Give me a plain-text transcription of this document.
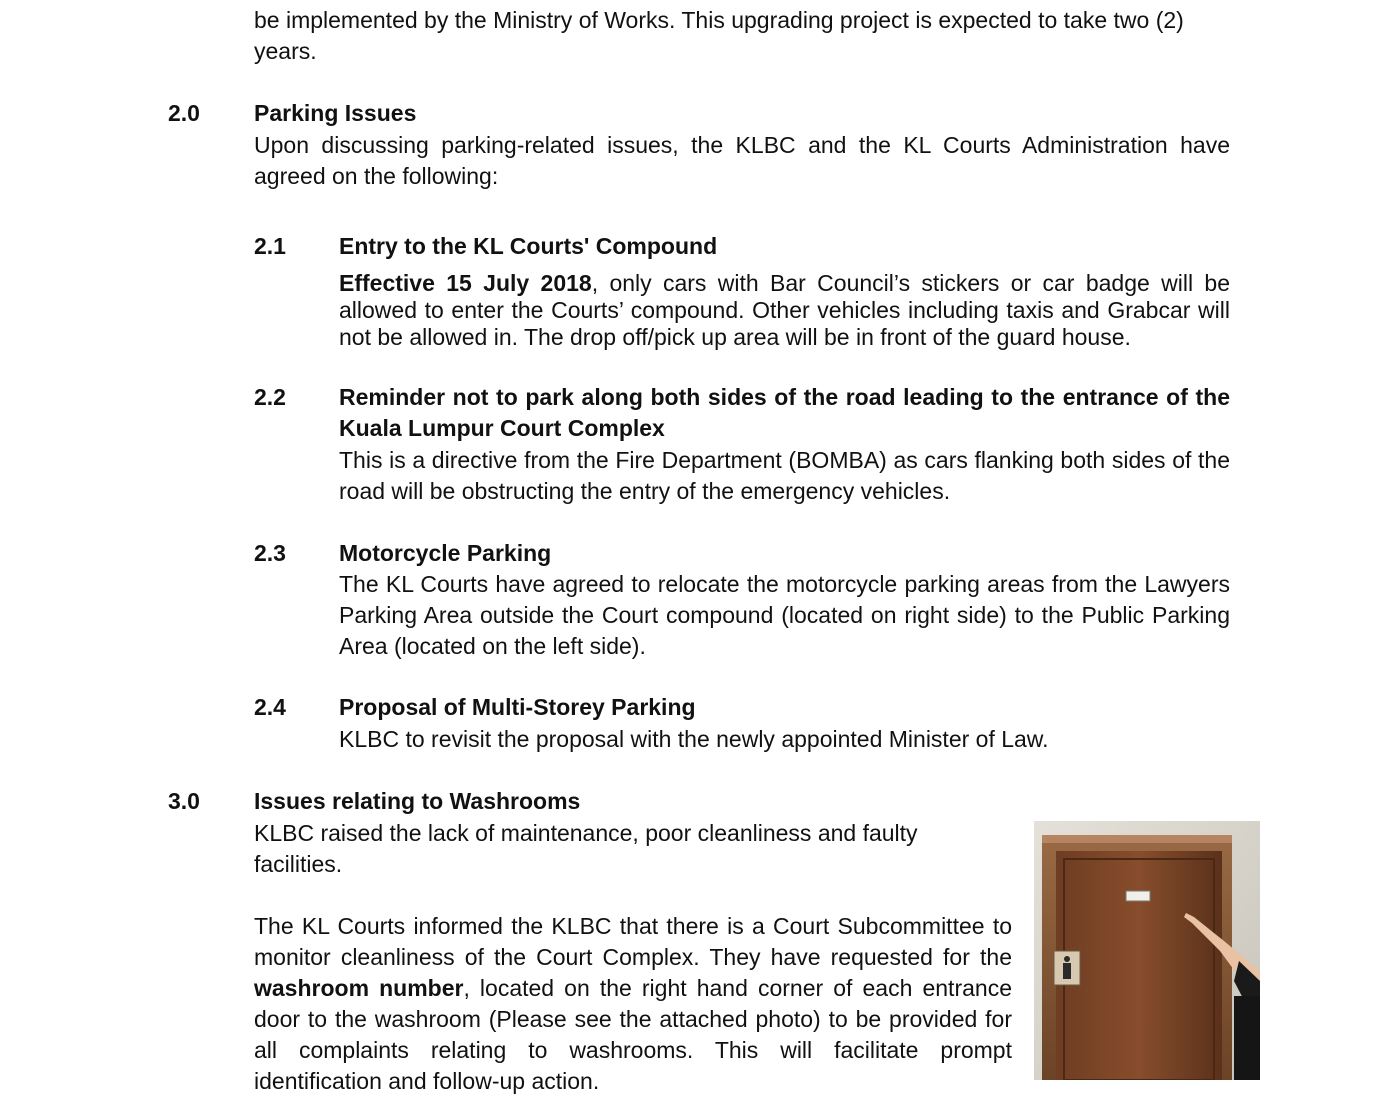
be implemented by the Ministry of Works. This upgrading project is expected to take two (2)
years.
2.0 Parking Issues
Upon discussing parking-related issues, the KLBC and the KL Courts Administration have agreed on the following:
2.1 Entry to the KL Courts' Compound
Effective 15 July 2018, only cars with Bar Council’s stickers or car badge will be allowed to enter the Courts’ compound. Other vehicles including taxis and Grabcar will not be allowed in. The drop off/pick up area will be in front of the guard house.
2.2 Reminder not to park along both sides of the road leading to the entrance of the Kuala Lumpur Court Complex
This is a directive from the Fire Department (BOMBA) as cars flanking both sides of the road will be obstructing the entry of the emergency vehicles.
2.3 Motorcycle Parking
The KL Courts have agreed to relocate the motorcycle parking areas from the Lawyers Parking Area outside the Court compound (located on right side) to the Public Parking Area (located on the left side).
2.4 Proposal of Multi-Storey Parking
KLBC to revisit the proposal with the newly appointed Minister of Law.
3.0 Issues relating to Washrooms
KLBC raised the lack of maintenance, poor cleanliness and faulty facilities.
The KL Courts informed the KLBC that there is a Court Subcommittee to monitor cleanliness of the Court Complex. They have requested for the washroom number, located on the right hand corner of each entrance door to the washroom (Please see the attached photo) to be provided for all complaints relating to washrooms. This will facilitate prompt identification and follow-up action.
